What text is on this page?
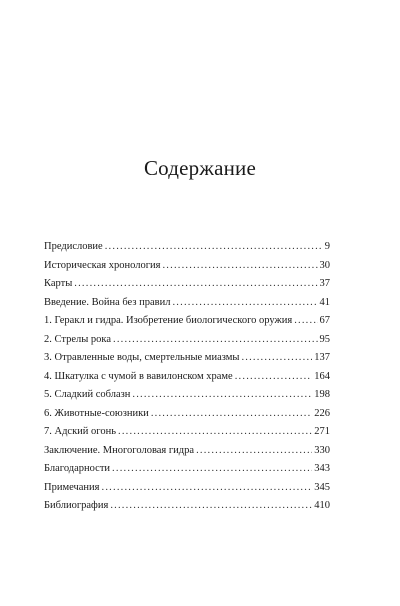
Содержание
Предисловие .....	9
Историческая хронология .....	30
Карты .....	37
Введение. Война без правил .....	41
1. Геракл и гидра. Изобретение биологического оружия .....	67
2. Стрелы рока .....	95
3. Отравленные воды, смертельные миазмы .....	137
4. Шкатулка с чумой в вавилонском храме .....	164
5. Сладкий соблазн .....	198
6. Животные-союзники .....	226
7. Адский огонь .....	271
Заключение. Многоголовая гидра .....	330
Благодарности .....	343
Примечания .....	345
Библиография .....	410
